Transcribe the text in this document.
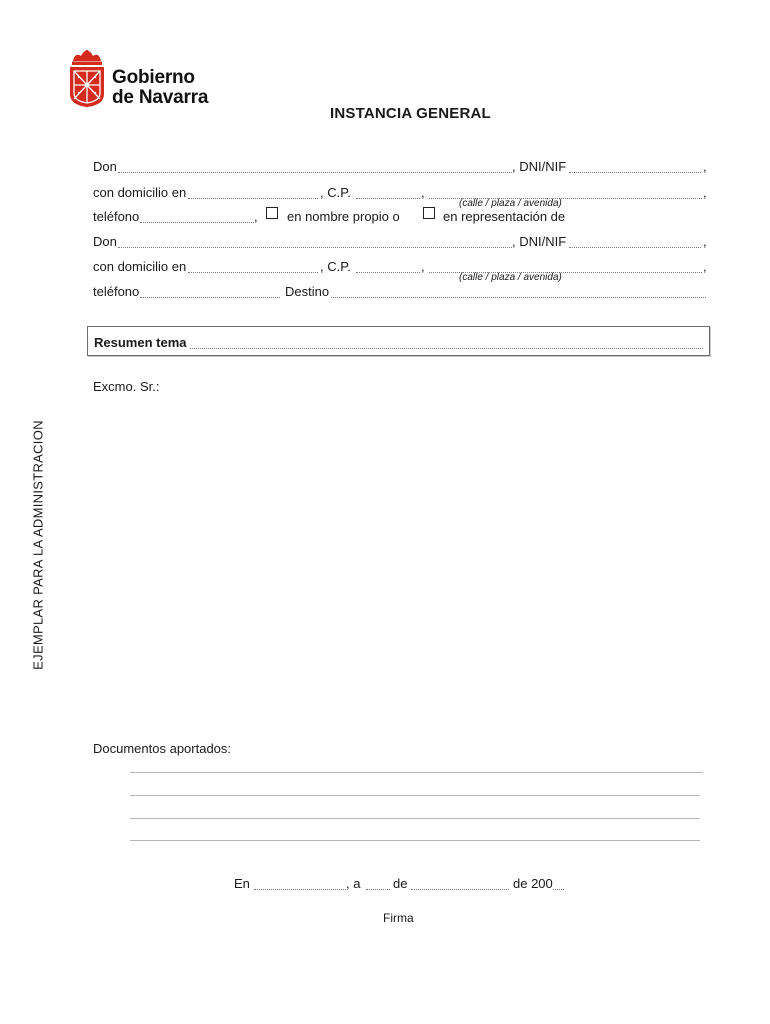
Gobierno
de Navarra
INSTANCIA GENERAL
Don	, DNI/NIF	,
con domicilio en	, C.P.	,	,
(calle / plaza / avenida)
teléfono	, en nombre propio o	en representación de
Don	, DNI/NIF	,
con domicilio en	, C.P.	,	,
(calle / plaza / avenida)
teléfono	Destino
Resumen tema
Excmo. Sr.:
EJEMPLAR PARA LA ADMINISTRACION
Documentos aportados:
En	, a	de	de 200
Firma
